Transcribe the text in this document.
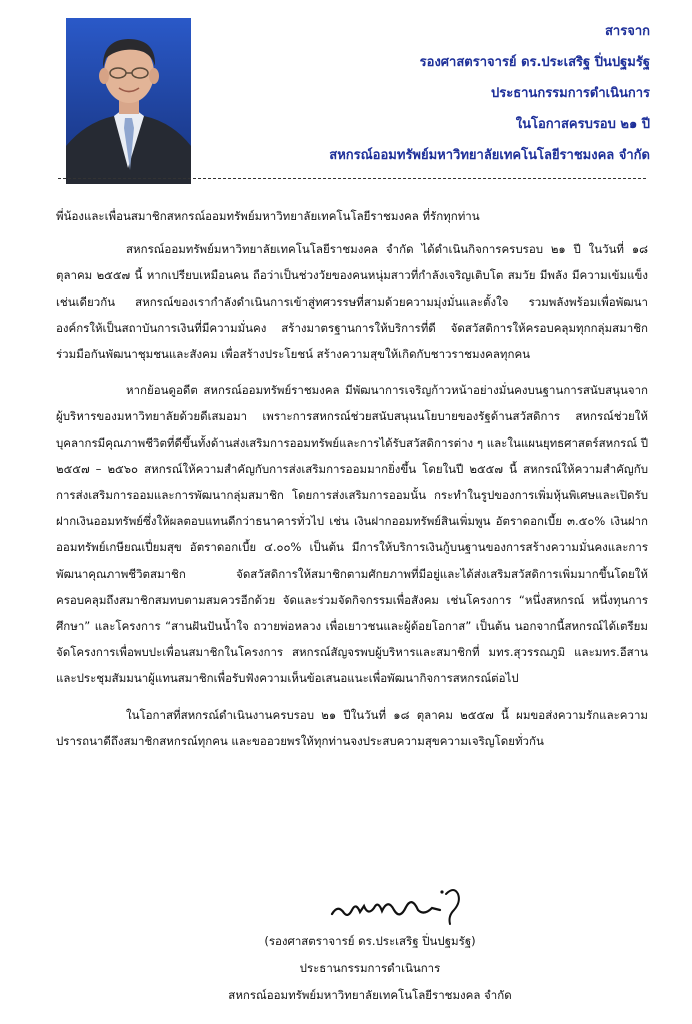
สารจาก
รองศาสตราจารย์ ดร.ประเสริฐ ปิ่นปฐมรัฐ
ประธานกรรมการดำเนินการ
ในโอกาสครบรอบ ๒๑ ปี
สหกรณ์ออมทรัพย์มหาวิทยาลัยเทคโนโลยีราชมงคล จำกัด

พี่น้องและเพื่อนสมาชิกสหกรณ์ออมทรัพย์มหาวิทยาลัยเทคโนโลยีราชมงคล ที่รักทุกท่าน

สหกรณ์ออมทรัพย์มหาวิทยาลัยเทคโนโลยีราชมงคล จำกัด ได้ดำเนินกิจการครบรอบ ๒๑ ปี ในวันที่ ๑๘ ตุลาคม ๒๕๕๗ นี้ หากเปรียบเหมือนคน ถือว่าเป็นช่วงวัยของคนหนุ่มสาวที่กำลังเจริญเติบโต สมวัย มีพลัง มีความเข้มแข็ง เช่นเดียวกัน สหกรณ์ของเรากำลังดำเนินการเข้าสู่ทศวรรษที่สามด้วยความมุ่งมั่นและตั้งใจ รวมพลังพร้อมเพื่อพัฒนาองค์กรให้เป็นสถาบันการเงินที่มีความมั่นคง สร้างมาตรฐานการให้บริการที่ดี จัดสวัสดิการให้ครอบคลุมทุกกลุ่มสมาชิก ร่วมมือกันพัฒนาชุมชนและสังคม เพื่อสร้างประโยชน์ สร้างความสุขให้เกิดกับชาวราชมงคลทุกคน

หากย้อนดูอดีต สหกรณ์ออมทรัพย์ราชมงคล มีพัฒนาการเจริญก้าวหน้าอย่างมั่นคงบนฐานการสนับสนุนจากผู้บริหารของมหาวิทยาลัยด้วยดีเสมอมา เพราะการสหกรณ์ช่วยสนับสนุนนโยบายของรัฐด้านสวัสดิการ สหกรณ์ช่วยให้บุคลากรมีคุณภาพชีวิตที่ดีขึ้นทั้งด้านส่งเสริมการออมทรัพย์และการได้รับสวัสดิการต่าง ๆ และในแผนยุทธศาสตร์สหกรณ์ ปี ๒๕๕๗ – ๒๕๖๐ สหกรณ์ให้ความสำคัญกับการส่งเสริมการออมมากยิ่งขึ้น โดยในปี ๒๕๕๗ นี้ สหกรณ์ให้ความสำคัญกับการส่งเสริมการออมและการพัฒนากลุ่มสมาชิก โดยการส่งเสริมการออมนั้น กระทำในรูปของการเพิ่มหุ้นพิเศษและเปิดรับฝากเงินออมทรัพย์ซึ่งให้ผลตอบแทนดีกว่าธนาคารทั่วไป เช่น เงินฝากออมทรัพย์สินเพิ่มพูน อัตราดอกเบี้ย ๓.๕๐% เงินฝากออมทรัพย์เกษียณเปี่ยมสุข อัตราดอกเบี้ย ๔.๐๐% เป็นต้น มีการให้บริการเงินกู้บนฐานของการสร้างความมั่นคงและการพัฒนาคุณภาพชีวิตสมาชิก จัดสวัสดิการให้สมาชิกตามศักยภาพที่มีอยู่และได้ส่งเสริมสวัสดิการเพิ่มมากขึ้นโดยให้ครอบคลุมถึงสมาชิกสมทบตามสมควรอีกด้วย จัดและร่วมจัดกิจกรรมเพื่อสังคม เช่นโครงการ “หนึ่งสหกรณ์ หนึ่งทุนการศึกษา” และโครงการ “สานฝันปันน้ำใจ ถวายพ่อหลวง เพื่อเยาวชนและผู้ด้อยโอกาส” เป็นต้น นอกจากนี้สหกรณ์ได้เตรียมจัดโครงการเพื่อพบปะเพื่อนสมาชิกในโครงการ สหกรณ์สัญจรพบผู้บริหารและสมาชิกที่ มทร.สุวรรณภูมิ และมทร.อีสาน และประชุมสัมมนาผู้แทนสมาชิกเพื่อรับฟังความเห็นข้อเสนอแนะเพื่อพัฒนากิจการสหกรณ์ต่อไป

ในโอกาสที่สหกรณ์ดำเนินงานครบรอบ ๒๑ ปีในวันที่ ๑๘ ตุลาคม ๒๕๕๗ นี้ ผมขอส่งความรักและความปรารถนาดีถึงสมาชิกสหกรณ์ทุกคน และขออวยพรให้ทุกท่านจงประสบความสุขความเจริญโดยทั่วกัน

(รองศาสตราจารย์ ดร.ประเสริฐ ปิ่นปฐมรัฐ)
ประธานกรรมการดำเนินการ
สหกรณ์ออมทรัพย์มหาวิทยาลัยเทคโนโลยีราชมงคล จำกัด
